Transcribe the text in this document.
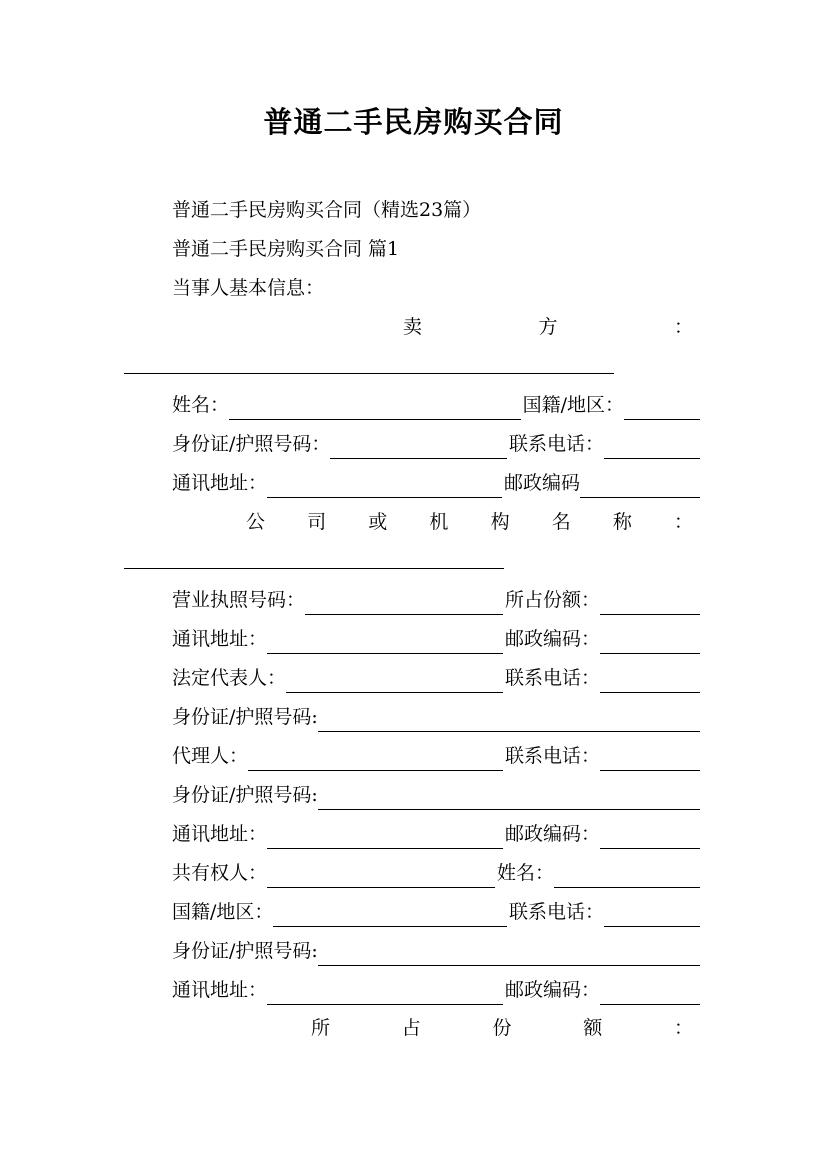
普通二手民房购买合同
普通二手民房购买合同（精选23篇）
普通二手民房购买合同 篇1
当事人基本信息：
卖	方	：
姓名：	国籍/地区：
身份证/护照号码：	联系电话：
通讯地址：	邮政编码
公 司 或 机 构 名 称 ：
营业执照号码：	所占份额：
通讯地址：	邮政编码：
法定代表人：	联系电话：
身份证/护照号码:
代理人：	联系电话：
身份证/护照号码:
通讯地址：	邮政编码：
共有权人：	姓名：
国籍/地区：	联系电话：
身份证/护照号码:
通讯地址：	邮政编码：
所	占	份	额	：
